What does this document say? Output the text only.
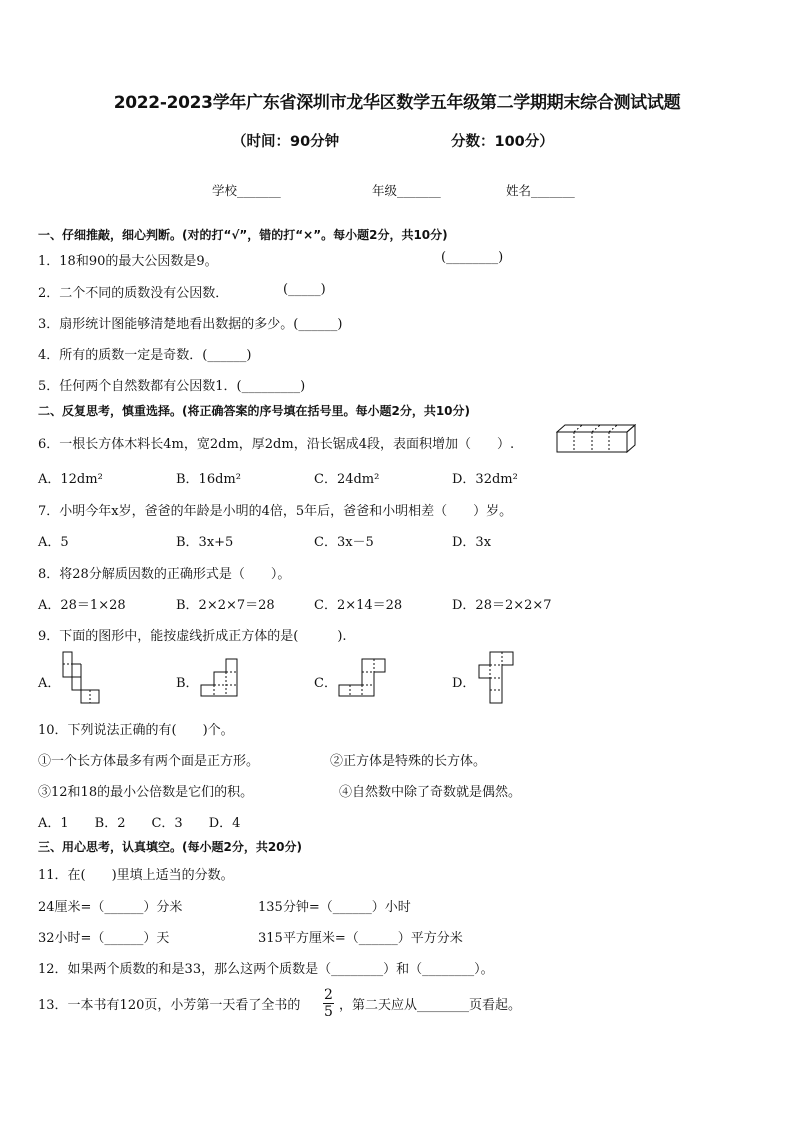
2022-2023学年广东省深圳市龙华区数学五年级第二学期期末综合测试试题
（时间：90分钟	分数：100分）
学校_______	年级_______	姓名_______
一、仔细推敲，细心判断。(对的打“√”，错的打“×”。每小题2分，共10分)
1．18和90的最大公因数是9。	(________)
2．二个不同的质数没有公因数．	(_____)
3．扇形统计图能够清楚地看出数据的多少。(______)
4．所有的质数一定是奇数．(______)
5．任何两个自然数都有公因数1．(_________)
二、反复思考，慎重选择。(将正确答案的序号填在括号里。每小题2分，共10分)
6．一根长方体木料长4m，宽2dm，厚2dm，沿长锯成4段，表面积增加（　　）.
A．12dm²	B．16dm²	C．24dm²	D．32dm²
7．小明今年x岁，爸爸的年龄是小明的4倍，5年后，爸爸和小明相差（　　）岁。
A．5	B．3x+5	C．3x－5	D．3x
8．将28分解质因数的正确形式是（　　）。
A．28＝1×28	B．2×2×7＝28	C．2×14＝28	D．28＝2×2×7
9．下面的图形中，能按虚线折成正方体的是(　　　).
A．	B．	C．	D．
10．下列说法正确的有(　　)个。
①一个长方体最多有两个面是正方形。	②正方体是特殊的长方体。
③12和18的最小公倍数是它们的积。	④自然数中除了奇数就是偶然。
A．1　　B．2　　C．3　　D．4
三、用心思考，认真填空。(每小题2分，共20分)
11．在(　　)里填上适当的分数。
24厘米=（______）分米	135分钟=（______）小时
32小时=（______）天	315平方厘米=（______）平方分米
12．如果两个质数的和是33，那么这两个质数是（________）和（________）。
13．一本书有120页，小芳第一天看了全书的
2
5 ，第二天应从________页看起。
